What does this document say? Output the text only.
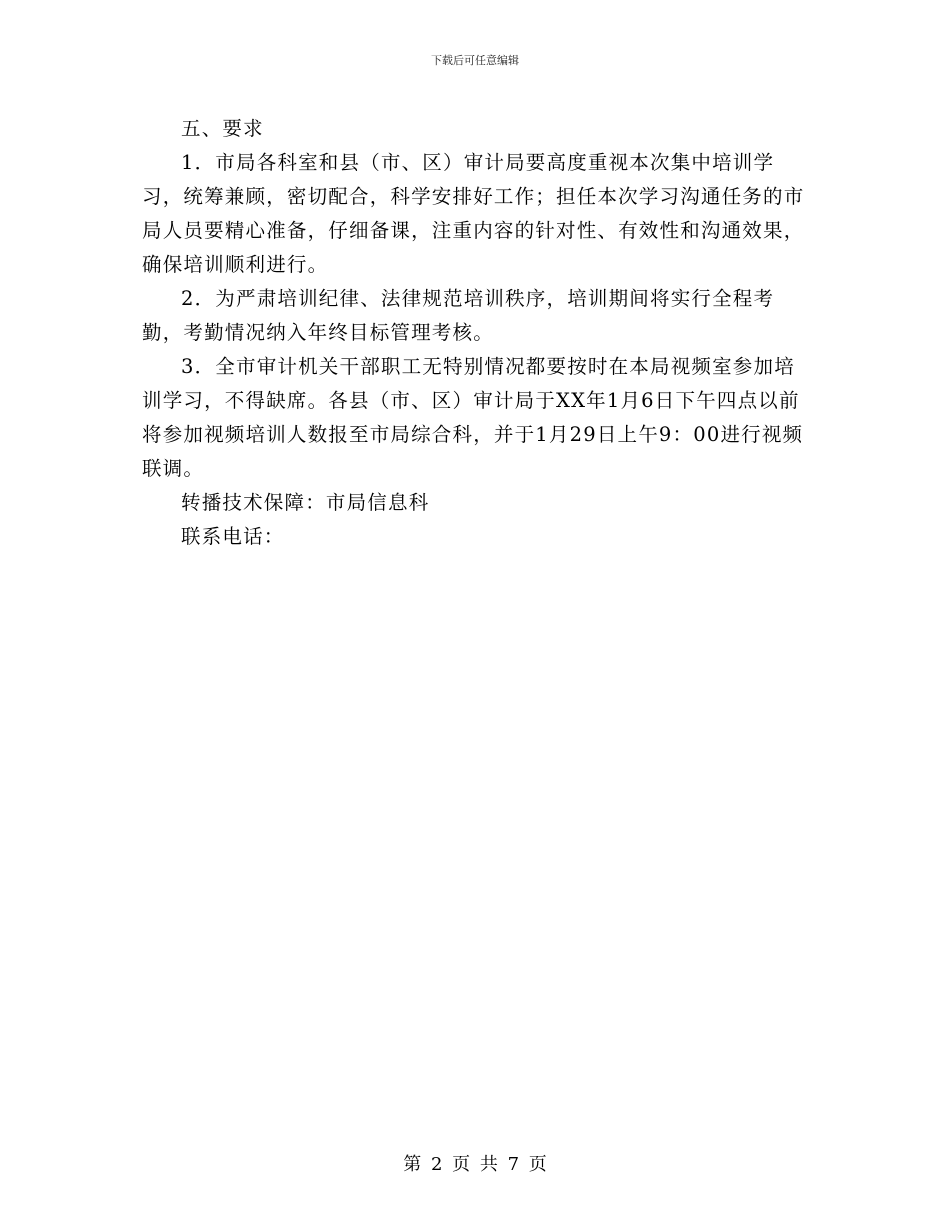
下载后可任意编辑

五、要求

1．市局各科室和县（市、区）审计局要高度重视本次集中培训学习，统筹兼顾，密切配合，科学安排好工作；担任本次学习沟通任务的市局人员要精心准备，仔细备课，注重内容的针对性、有效性和沟通效果，确保培训顺利进行。

2．为严肃培训纪律、法律规范培训秩序，培训期间将实行全程考勤，考勤情况纳入年终目标管理考核。

3．全市审计机关干部职工无特别情况都要按时在本局视频室参加培训学习，不得缺席。各县（市、区）审计局于XX年1月6日下午四点以前将参加视频培训人数报至市局综合科，并于1月29日上午9：00进行视频联调。

转播技术保障：市局信息科

联系电话：

第 2 页 共 7 页
